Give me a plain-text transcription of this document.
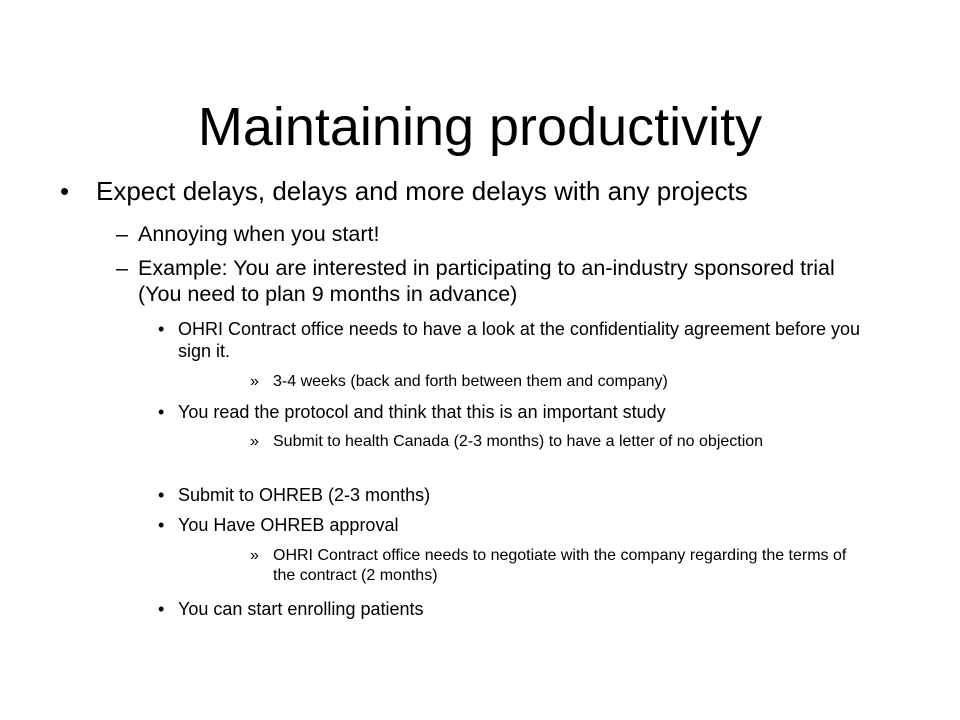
Maintaining productivity
• Expect delays, delays and more delays with any projects
– Annoying when you start!
– Example: You are interested in participating to an-industry sponsored trial (You need to plan 9 months in advance)
• OHRI Contract office needs to have a look at the confidentiality agreement before you sign it.
» 3-4 weeks (back and forth between them and company)
• You read the protocol and think that this is an important study
» Submit to health Canada (2-3 months) to have a letter of no objection
• Submit to OHREB (2-3 months)
• You Have OHREB approval
» OHRI Contract office needs to negotiate with the company regarding the terms of the contract (2 months)
• You can start enrolling patients
